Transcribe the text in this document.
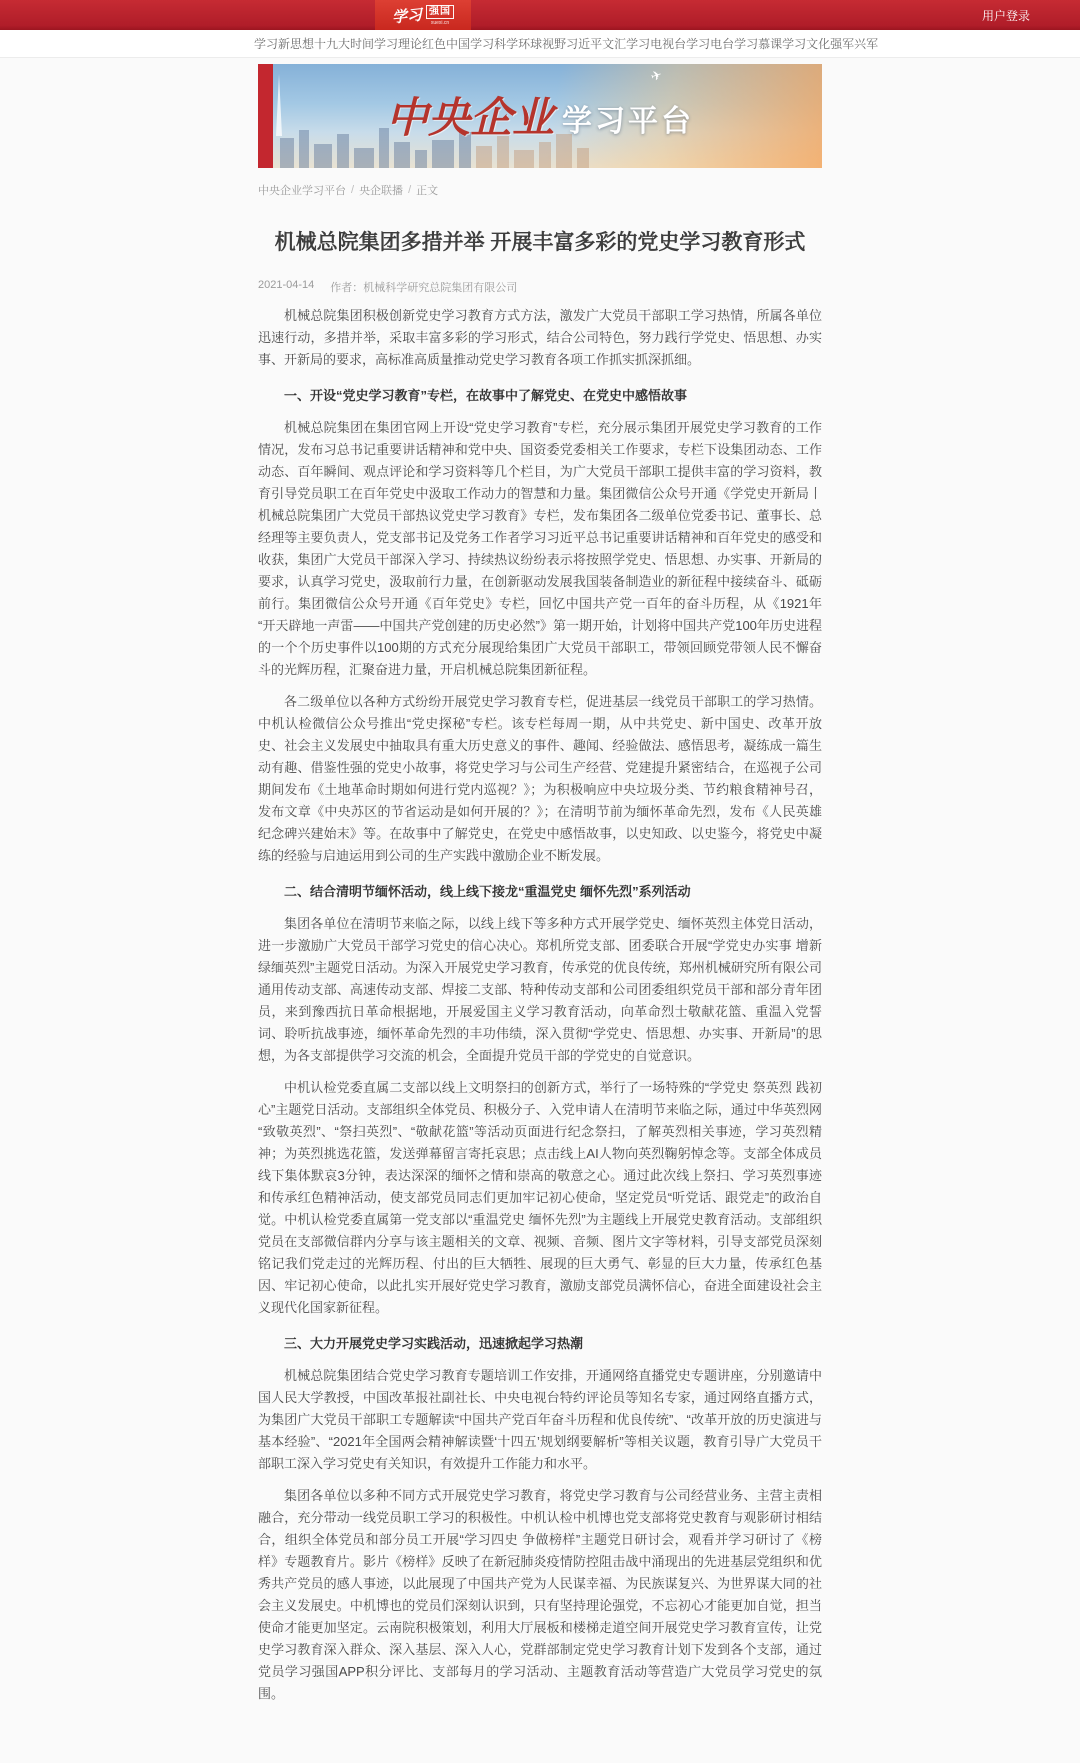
学习 强国
xuexi.cn	用户登录
学习新思想 十九大时间 学习理论 红色中国 学习科学 环球视野 习近平文汇 学习电视台 学习电台 学习慕课 学习文化 强军兴军
中央企业 学习平台
✈
中央企业学习平台 / 央企联播 / 正文
机械总院集团多措并举 开展丰富多彩的党史学习教育形式
2021-04-14 作者：机械科学研究总院集团有限公司

机械总院集团积极创新党史学习教育方式方法，激发广大党员干部职工学习热情，所属各单位迅速行动，多措并举，采取丰富多彩的学习形式，结合公司特色，努力践行学党史、悟思想、办实事、开新局的要求，高标准高质量推动党史学习教育各项工作抓实抓深抓细。

一、开设“党史学习教育”专栏，在故事中了解党史、在党史中感悟故事

机械总院集团在集团官网上开设“党史学习教育”专栏，充分展示集团开展党史学习教育的工作情况，发布习总书记重要讲话精神和党中央、国资委党委相关工作要求，专栏下设集团动态、工作动态、百年瞬间、观点评论和学习资料等几个栏目，为广大党员干部职工提供丰富的学习资料，教育引导党员职工在百年党史中汲取工作动力的智慧和力量。集团微信公众号开通《学党史开新局丨机械总院集团广大党员干部热议党史学习教育》专栏，发布集团各二级单位党委书记、董事长、总经理等主要负责人，党支部书记及党务工作者学习习近平总书记重要讲话精神和百年党史的感受和收获，集团广大党员干部深入学习、持续热议纷纷表示将按照学党史、悟思想、办实事、开新局的要求，认真学习党史，汲取前行力量，在创新驱动发展我国装备制造业的新征程中接续奋斗、砥砺前行。集团微信公众号开通《百年党史》专栏，回忆中国共产党一百年的奋斗历程，从《1921年“开天辟地一声雷——中国共产党创建的历史必然”》第一期开始，计划将中国共产党100年历史进程的一个个历史事件以100期的方式充分展现给集团广大党员干部职工，带领回顾党带领人民不懈奋斗的光辉历程，汇聚奋进力量，开启机械总院集团新征程。

各二级单位以各种方式纷纷开展党史学习教育专栏，促进基层一线党员干部职工的学习热情。中机认检微信公众号推出“党史探秘”专栏。该专栏每周一期，从中共党史、新中国史、改革开放史、社会主义发展史中抽取具有重大历史意义的事件、趣闻、经验做法、感悟思考，凝练成一篇生动有趣、借鉴性强的党史小故事，将党史学习与公司生产经营、党建提升紧密结合，在巡视子公司期间发布《土地革命时期如何进行党内巡视？》；为积极响应中央垃圾分类、节约粮食精神号召，发布文章《中央苏区的节省运动是如何开展的？》；在清明节前为缅怀革命先烈，发布《人民英雄纪念碑兴建始末》等。在故事中了解党史，在党史中感悟故事，以史知政、以史鉴今，将党史中凝练的经验与启迪运用到公司的生产实践中激励企业不断发展。

二、结合清明节缅怀活动，线上线下接龙“重温党史 缅怀先烈”系列活动

集团各单位在清明节来临之际，以线上线下等多种方式开展学党史、缅怀英烈主体党日活动，进一步激励广大党员干部学习党史的信心决心。郑机所党支部、团委联合开展“学党史办实事 增新绿缅英烈”主题党日活动。为深入开展党史学习教育，传承党的优良传统，郑州机械研究所有限公司通用传动支部、高速传动支部、焊接二支部、特种传动支部和公司团委组织党员干部和部分青年团员，来到豫西抗日革命根据地，开展爱国主义学习教育活动，向革命烈士敬献花篮、重温入党誓词、聆听抗战事迹，缅怀革命先烈的丰功伟绩，深入贯彻“学党史、悟思想、办实事、开新局”的思想，为各支部提供学习交流的机会，全面提升党员干部的学党史的自觉意识。

中机认检党委直属二支部以线上文明祭扫的创新方式，举行了一场特殊的“学党史 祭英烈 践初心”主题党日活动。支部组织全体党员、积极分子、入党申请人在清明节来临之际，通过中华英烈网“致敬英烈”、“祭扫英烈”、“敬献花篮”等活动页面进行纪念祭扫，了解英烈相关事迹，学习英烈精神；为英烈挑选花篮，发送弹幕留言寄托哀思；点击线上AI人物向英烈鞠躬悼念等。支部全体成员线下集体默哀3分钟，表达深深的缅怀之情和崇高的敬意之心。通过此次线上祭扫、学习英烈事迹和传承红色精神活动，使支部党员同志们更加牢记初心使命，坚定党员“听党话、跟党走”的政治自觉。中机认检党委直属第一党支部以“重温党史 缅怀先烈”为主题线上开展党史教育活动。支部组织党员在支部微信群内分享与该主题相关的文章、视频、音频、图片文字等材料，引导支部党员深刻铭记我们党走过的光辉历程、付出的巨大牺牲、展现的巨大勇气、彰显的巨大力量，传承红色基因、牢记初心使命，以此扎实开展好党史学习教育，激励支部党员满怀信心，奋进全面建设社会主义现代化国家新征程。

三、大力开展党史学习实践活动，迅速掀起学习热潮

机械总院集团结合党史学习教育专题培训工作安排，开通网络直播党史专题讲座，分别邀请中国人民大学教授，中国改革报社副社长、中央电视台特约评论员等知名专家，通过网络直播方式，为集团广大党员干部职工专题解读“中国共产党百年奋斗历程和优良传统”、“改革开放的历史演进与基本经验”、“2021年全国两会精神解读暨‘十四五’规划纲要解析”等相关议题，教育引导广大党员干部职工深入学习党史有关知识，有效提升工作能力和水平。

集团各单位以多种不同方式开展党史学习教育，将党史学习教育与公司经营业务、主营主责相融合，充分带动一线党员职工学习的积极性。中机认检中机博也党支部将党史教育与观影研讨相结合，组织全体党员和部分员工开展“学习四史 争做榜样”主题党日研讨会，观看并学习研讨了《榜样》专题教育片。影片《榜样》反映了在新冠肺炎疫情防控阻击战中涌现出的先进基层党组织和优秀共产党员的感人事迹，以此展现了中国共产党为人民谋幸福、为民族谋复兴、为世界谋大同的社会主义发展史。中机博也的党员们深刻认识到，只有坚持理论强党，不忘初心才能更加自觉，担当使命才能更加坚定。云南院积极策划，利用大厅展板和楼梯走道空间开展党史学习教育宣传，让党史学习教育深入群众、深入基层、深入人心，党群部制定党史学习教育计划下发到各个支部，通过党员学习强国APP积分评比、支部每月的学习活动、主题教育活动等营造广大党员学习党史的氛围。
